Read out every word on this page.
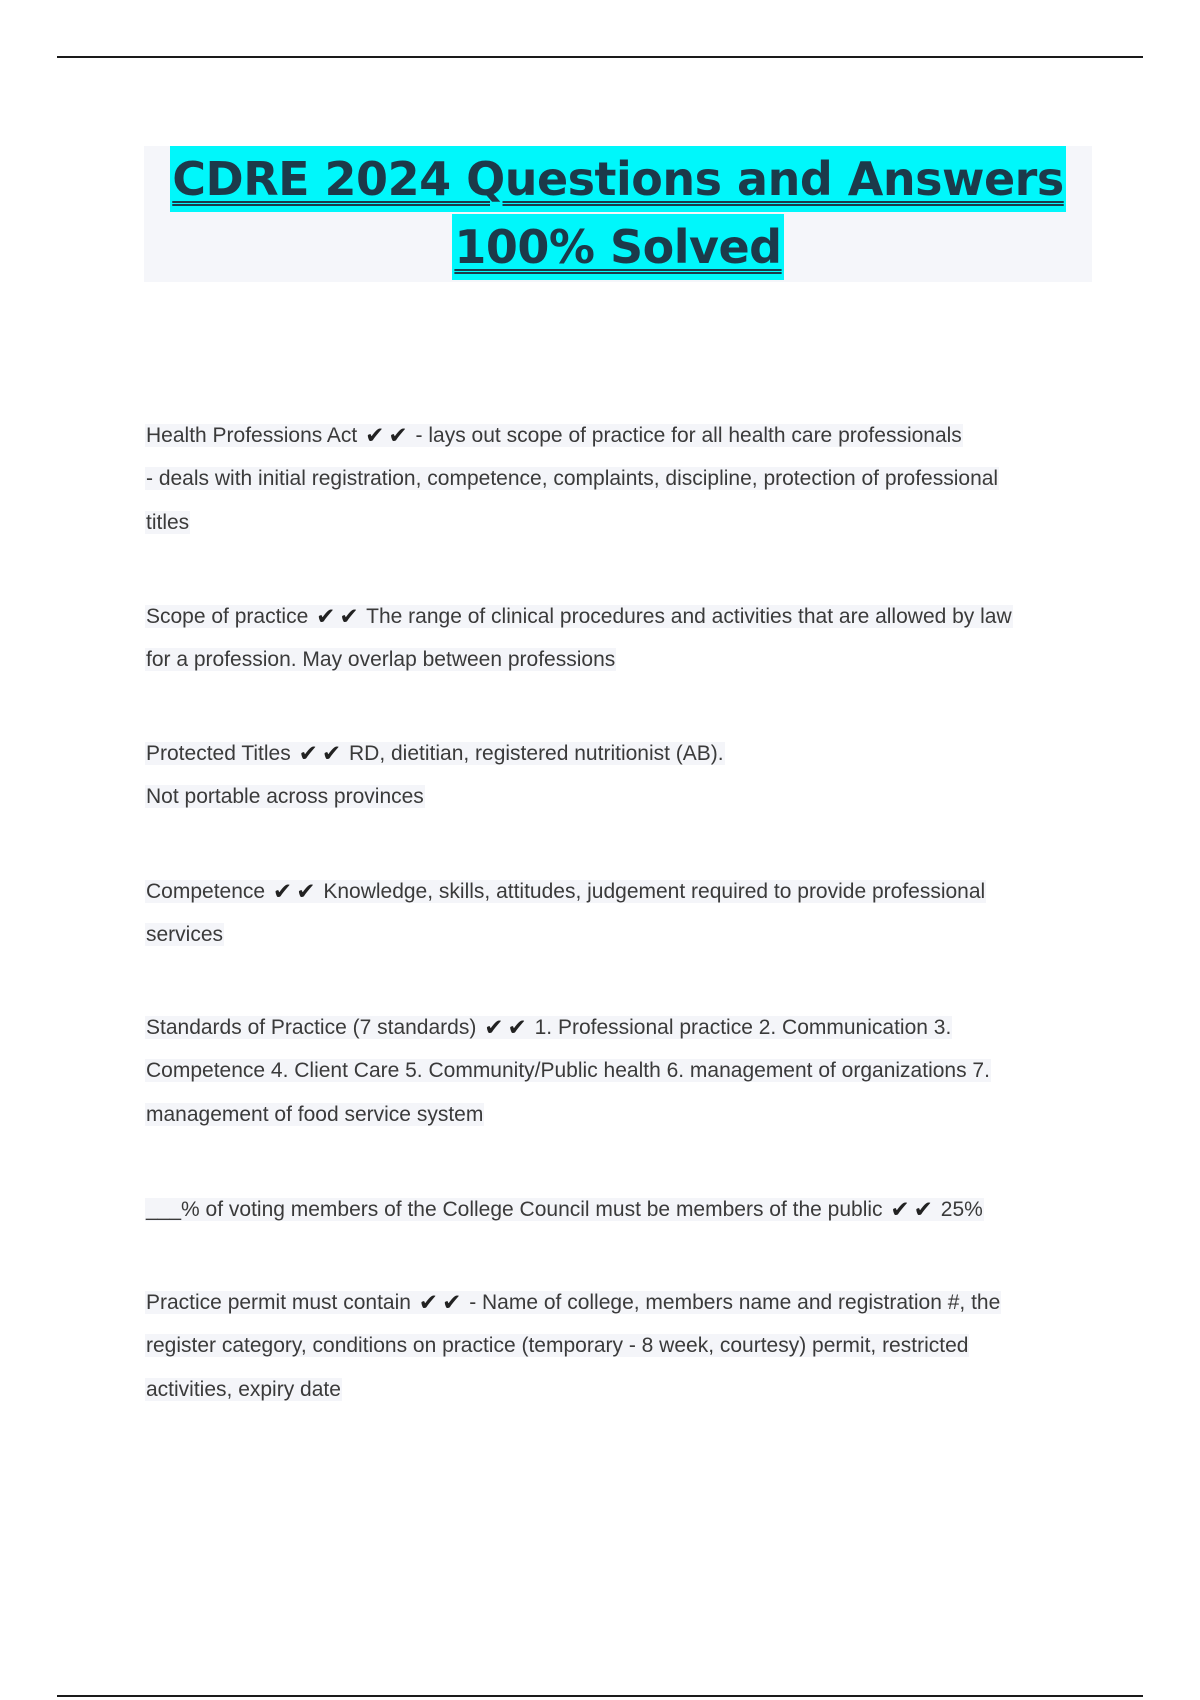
CDRE 2024 Questions and Answers
100% Solved
Health Professions Act ✔ ✔ - lays out scope of practice for all health care professionals
- deals with initial registration, competence, complaints, discipline, protection of professional
titles
Scope of practice ✔ ✔ The range of clinical procedures and activities that are allowed by law
for a profession. May overlap between professions
Protected Titles ✔ ✔ RD, dietitian, registered nutritionist (AB).
Not portable across provinces
Competence ✔ ✔ Knowledge, skills, attitudes, judgement required to provide professional
services
Standards of Practice (7 standards) ✔ ✔ 1. Professional practice 2. Communication 3.
Competence 4. Client Care 5. Community/Public health 6. management of organizations 7.
management of food service system
___% of voting members of the College Council must be members of the public ✔ ✔ 25%
Practice permit must contain ✔ ✔ - Name of college, members name and registration #, the
register category, conditions on practice (temporary - 8 week, courtesy) permit, restricted
activities, expiry date
